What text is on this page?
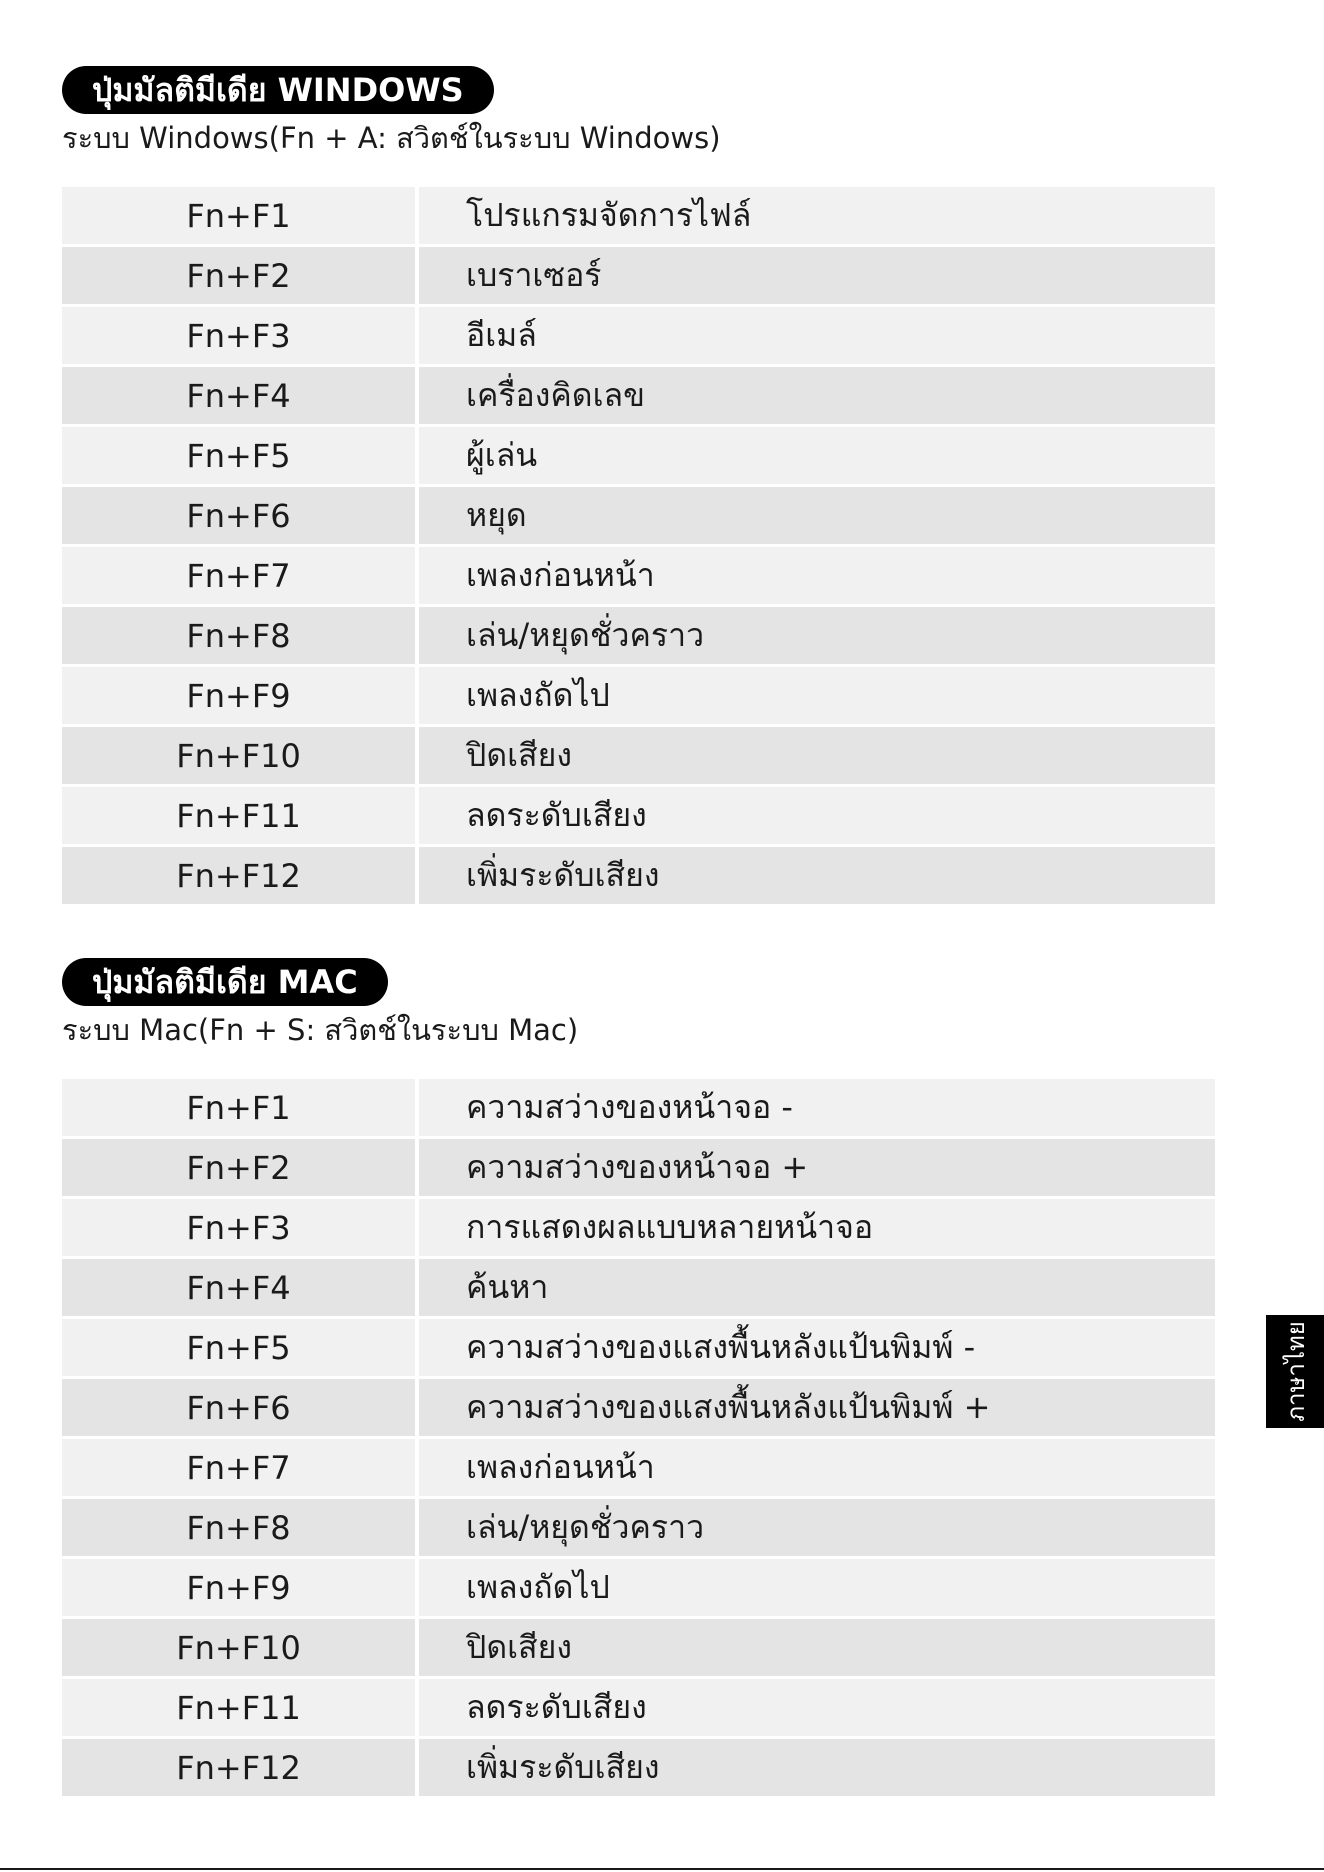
ปุ่มมัลติมีเดีย WINDOWS
ระบบ Windows(Fn + A: สวิตช์ในระบบ Windows)
Fn+F1	โปรแกรมจัดการไฟล์
Fn+F2	เบราเซอร์
Fn+F3	อีเมล์
Fn+F4	เครื่องคิดเลข
Fn+F5	ผู้เล่น
Fn+F6	หยุด
Fn+F7	เพลงก่อนหน้า
Fn+F8	เล่น/หยุดชั่วคราว
Fn+F9	เพลงถัดไป
Fn+F10	ปิดเสียง
Fn+F11	ลดระดับเสียง
Fn+F12	เพิ่มระดับเสียง
ปุ่มมัลติมีเดีย MAC
ระบบ Mac(Fn + S: สวิตช์ในระบบ Mac)
Fn+F1	ความสว่างของหน้าจอ -
Fn+F2	ความสว่างของหน้าจอ +
Fn+F3	การแสดงผลแบบหลายหน้าจอ
Fn+F4	ค้นหา
Fn+F5	ความสว่างของแสงพื้นหลังแป้นพิมพ์ -
Fn+F6	ความสว่างของแสงพื้นหลังแป้นพิมพ์ +
Fn+F7	เพลงก่อนหน้า
Fn+F8	เล่น/หยุดชั่วคราว
Fn+F9	เพลงถัดไป
Fn+F10	ปิดเสียง
Fn+F11	ลดระดับเสียง
Fn+F12	เพิ่มระดับเสียง
ภาษาไทย
